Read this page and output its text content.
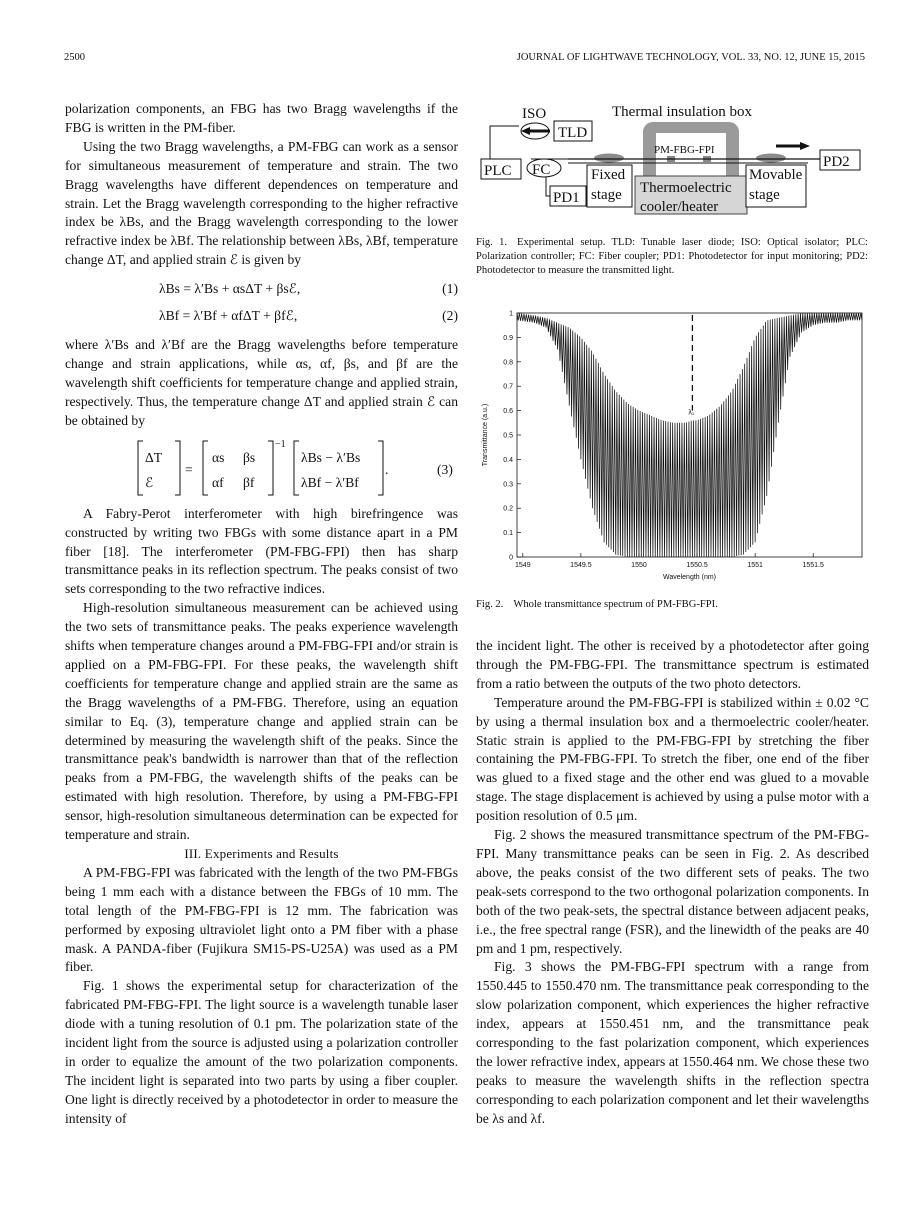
2500	JOURNAL OF LIGHTWAVE TECHNOLOGY, VOL. 33, NO. 12, JUNE 15, 2015

polarization components, an FBG has two Bragg wavelengths if the FBG is written in the PM-fiber.

Using the two Bragg wavelengths, a PM-FBG can work as a sensor for simultaneous measurement of temperature and strain. The two Bragg wavelengths have different dependences on temperature and strain. Let the Bragg wavelength corresponding to the higher refractive index be λBs, and the Bragg wavelength corresponding to the lower refractive index be λBf. The relationship between λBs, λBf, temperature change ΔT, and applied strain ℰ is given by

λBs = λ′Bs + αsΔT + βsℰ,	(1)
λBf = λ′Bf + αfΔT + βfℰ,	(2)

where λ′Bs and λ′Bf are the Bragg wavelengths before temperature change and strain applications, while αs, αf, βs, and βf are the wavelength shift coefficients for temperature change and applied strain, respectively. Thus, the temperature change ΔT and applied strain ℰ can be obtained by

ΔT
ℰ
=
αs βs
αf βf
−1
λBs − λ′Bs
λBf − λ′Bf
.	(3)

A Fabry-Perot interferometer with high birefringence was constructed by writing two FBGs with some distance apart in a PM fiber [18]. The interferometer (PM-FBG-FPI) then has sharp transmittance peaks in its reflection spectrum. The peaks consist of two sets corresponding to the two refractive indices.

High-resolution simultaneous measurement can be achieved using the two sets of transmittance peaks. The peaks experience wavelength shifts when temperature changes around a PM-FBG-FPI and/or strain is applied on a PM-FBG-FPI. For these peaks, the wavelength shift coefficients for temperature change and applied strain are the same as the Bragg wavelengths of a PM-FBG. Therefore, using an equation similar to Eq. (3), temperature change and applied strain can be determined by measuring the wavelength shift of the peaks. Since the transmittance peak's bandwidth is narrower than that of the reflection peaks from a PM-FBG, the wavelength shifts of the peaks can be estimated with high resolution. Therefore, by using a PM-FBG-FPI sensor, high-resolution simultaneous determination can be expected for temperature and strain.

III. Experiments and Results

A PM-FBG-FPI was fabricated with the length of the two PM-FBGs being 1 mm each with a distance between the FBGs of 10 mm. The total length of the PM-FBG-FPI is 12 mm. The fabrication was performed by exposing ultraviolet light onto a PM fiber with a phase mask. A PANDA-fiber (Fujikura SM15-PS-U25A) was used as a PM fiber.

Fig. 1 shows the experimental setup for characterization of the fabricated PM-FBG-FPI. The light source is a wavelength tunable laser diode with a tuning resolution of 0.1 pm. The polarization state of the incident light from the source is adjusted using a polarization controller in order to equalize the amount of the two polarization components. The incident light is separated into two parts by using a fiber coupler. One light is directly received by a photodetector in order to measure the intensity of

ISO
TLD
Thermal insulation box
PLC FC
PD1
PD2
Fixed
stage Thermoelectric
cooler/heater
Movable
stage
PM-FBG-FPI
Fig. 1. Experimental setup. TLD: Tunable laser diode; ISO: Optical isolator; PLC: Polarization controller; FC: Fiber coupler; PD1: Photodetector for input monitoring; PD2: Photodetector to measure the transmitted light.
1549	1549.5	1550	1550.5	1551	1551.5
0
0.1
0.2
0.3
0.4
0.5
0.6
0.7
0.8
0.9
1
λ₁
Wavelength (nm)
Transmittance (a.u.)
Fig. 2. Whole transmittance spectrum of PM-FBG-FPI.

the incident light. The other is received by a photodetector after going through the PM-FBG-FPI. The transmittance spectrum is estimated from a ratio between the outputs of the two photo detectors.

Temperature around the PM-FBG-FPI is stabilized within ± 0.02 °C by using a thermal insulation box and a thermoelectric cooler/heater. Static strain is applied to the PM-FBG-FPI by stretching the fiber containing the PM-FBG-FPI. To stretch the fiber, one end of the fiber was glued to a fixed stage and the other end was glued to a movable stage. The stage displacement is achieved by using a pulse motor with a position resolution of 0.5 μm.

Fig. 2 shows the measured transmittance spectrum of the PM-FBG-FPI. Many transmittance peaks can be seen in Fig. 2. As described above, the peaks consist of the two different sets of peaks. The two peak-sets correspond to the two orthogonal polarization components. In both of the two peak-sets, the spectral distance between adjacent peaks, i.e., the free spectral range (FSR), and the linewidth of the peaks are 40 pm and 1 pm, respectively.

Fig. 3 shows the PM-FBG-FPI spectrum with a range from 1550.445 to 1550.470 nm. The transmittance peak corresponding to the slow polarization component, which experiences the higher refractive index, appears at 1550.451 nm, and the transmittance peak corresponding to the fast polarization component, which experiences the lower refractive index, appears at 1550.464 nm. We chose these two peaks to measure the wavelength shifts in the reflection spectra corresponding to each polarization component and let their wavelengths be λs and λf.
